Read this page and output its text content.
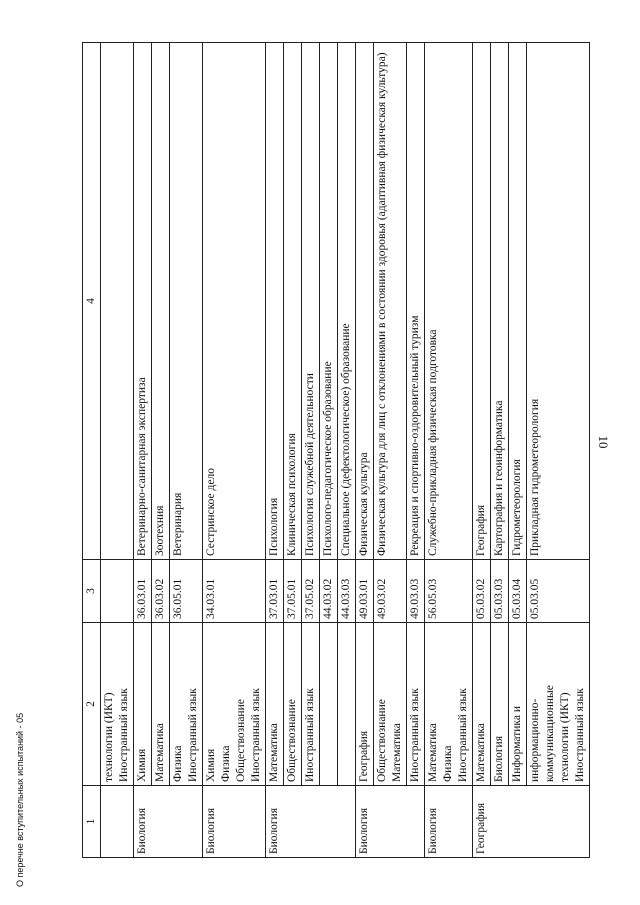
10
1	2	3	4

	технологии (ИКТ) Иностранный язык		

Биология	Химия	36.03.01	Ветеринарно-санитарная экспертиза

	Математика	36.03.02	Зоотехния

	Физика Иностранный язык	36.05.01	Ветеринария
Биология	Химия Физика Обществознание Иностранный язык	34.03.01	Сестринское дело
Биология	Математика	37.03.01	Психология

	Обществознание	37.05.01	Клиническая психология

	Иностранный язык	37.05.02	Психология служебной деятельности
		44.03.02	Психолого-педагогическое образование
		44.03.03	Специальное (дефектологическое) образование
Биология	География	49.03.01	Физическая культура

	Обществознание Математика	49.03.02	Физическая культура для лиц с отклонениями в состоянии здоровья (адаптивная физическая культура)

	Иностранный язык	49.03.03	Рекреация и спортивно-оздоровительный туризм
Биология	Математика Физика Иностранный язык	56.05.03	Служебно-прикладная физическая подготовка
География	Математика	05.03.02	География

	Биология	05.03.03	Картография и геоинформатика

	Информатика и	05.03.04	Гидрометеорология

	информационно- коммуникационные технологии (ИКТ) Иностранный язык	05.03.05	Прикладная гидрометеорология
О перечне вступительных испытаний - 05
